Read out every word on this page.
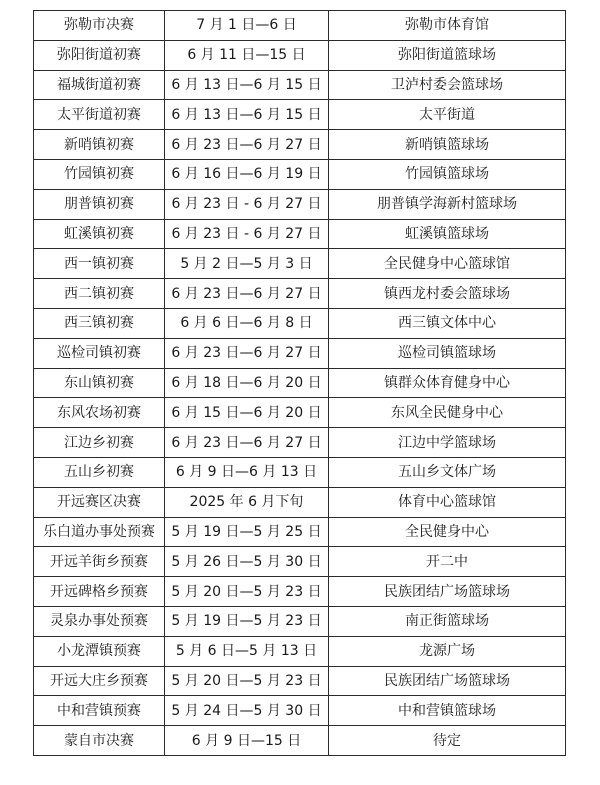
弥勒市决赛	7 月 1 日—6 日	弥勒市体育馆
弥阳街道初赛	6 月 11 日—15 日	弥阳街道篮球场
福城街道初赛	6 月 13 日—6 月 15 日	卫泸村委会篮球场
太平街道初赛	6 月 13 日—6 月 15 日	太平街道
新哨镇初赛	6 月 23 日—6 月 27 日	新哨镇篮球场
竹园镇初赛	6 月 16 日—6 月 19 日	竹园镇篮球场
朋普镇初赛	6 月 23 日 - 6 月 27 日	朋普镇学海新村篮球场
虹溪镇初赛	6 月 23 日 - 6 月 27 日	虹溪镇篮球场
西一镇初赛	5 月 2 日—5 月 3 日	全民健身中心篮球馆
西二镇初赛	6 月 23 日—6 月 27 日	镇西龙村委会篮球场
西三镇初赛	6 月 6 日—6 月 8 日	西三镇文体中心
巡检司镇初赛	6 月 23 日—6 月 27 日	巡检司镇篮球场
东山镇初赛	6 月 18 日—6 月 20 日	镇群众体育健身中心
东风农场初赛	6 月 15 日—6 月 20 日	东风全民健身中心
江边乡初赛	6 月 23 日—6 月 27 日	江边中学篮球场
五山乡初赛	6 月 9 日—6 月 13 日	五山乡文体广场
开远赛区决赛	2025 年 6 月下旬	体育中心篮球馆
乐白道办事处预赛	5 月 19 日—5 月 25 日	全民健身中心
开远羊街乡预赛	5 月 26 日—5 月 30 日	开二中
开远碑格乡预赛	5 月 20 日—5 月 23 日	民族团结广场篮球场
灵泉办事处预赛	5 月 19 日—5 月 23 日	南正街篮球场
小龙潭镇预赛	5 月 6 日—5 月 13 日	龙源广场
开远大庄乡预赛	5 月 20 日—5 月 23 日	民族团结广场篮球场
中和营镇预赛	5 月 24 日—5 月 30 日	中和营镇篮球场
蒙自市决赛	6 月 9 日—15 日	待定
